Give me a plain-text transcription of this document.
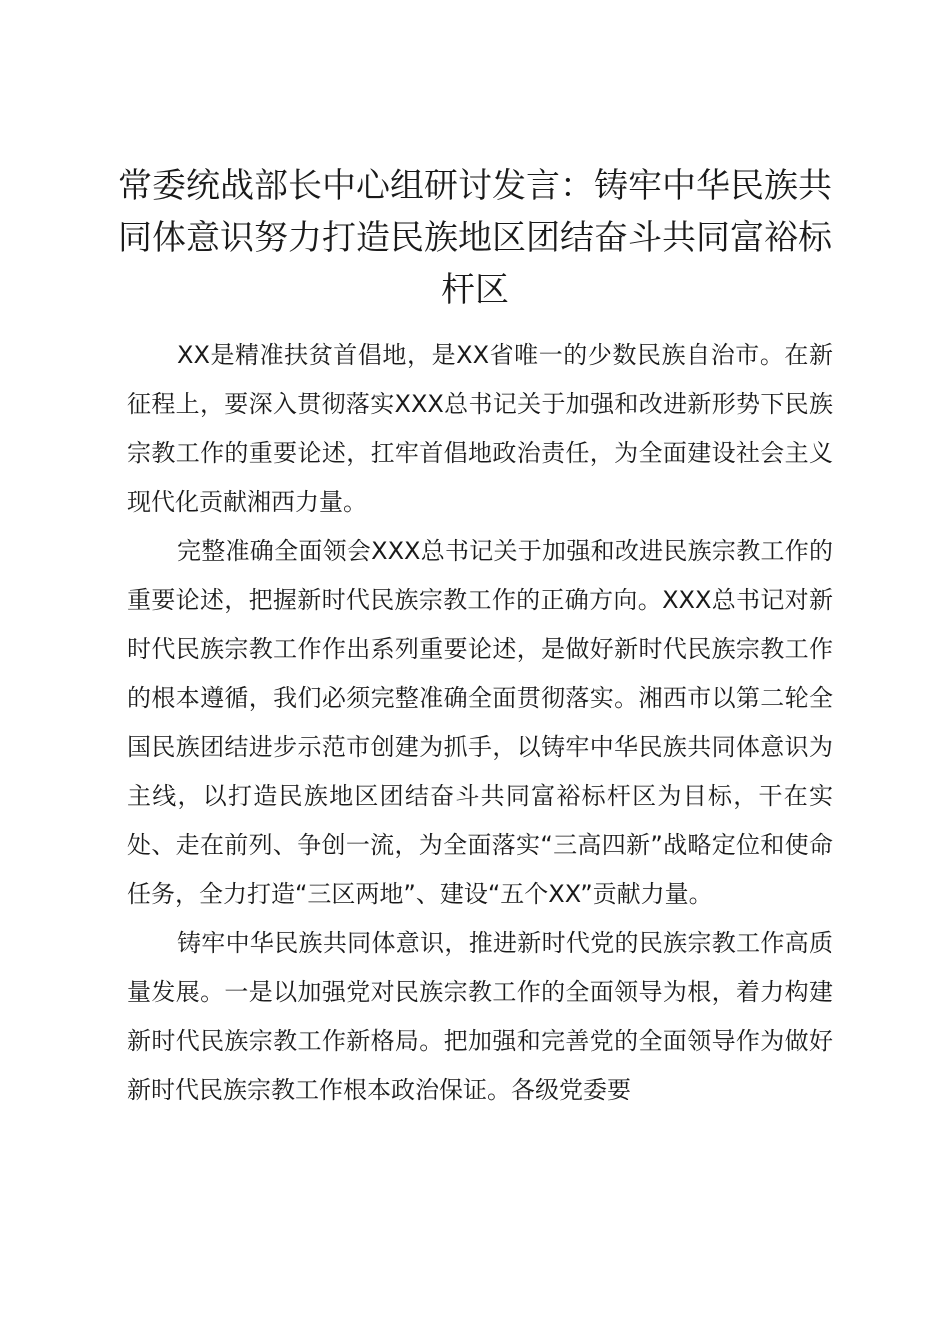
常委统战部长中心组研讨发言：铸牢中华民族共同体意识努力打造民族地区团结奋斗共同富裕标杆区

XX是精准扶贫首倡地，是XX省唯一的少数民族自治市。在新征程上，要深入贯彻落实XXX总书记关于加强和改进新形势下民族宗教工作的重要论述，扛牢首倡地政治责任，为全面建设社会主义现代化贡献湘西力量。

完整准确全面领会XXX总书记关于加强和改进民族宗教工作的重要论述，把握新时代民族宗教工作的正确方向。XXX总书记对新时代民族宗教工作作出系列重要论述，是做好新时代民族宗教工作的根本遵循，我们必须完整准确全面贯彻落实。湘西市以第二轮全国民族团结进步示范市创建为抓手，以铸牢中华民族共同体意识为主线，以打造民族地区团结奋斗共同富裕标杆区为目标，干在实处、走在前列、争创一流，为全面落实“三高四新”战略定位和使命任务，全力打造“三区两地”、建设“五个XX”贡献力量。

铸牢中华民族共同体意识，推进新时代党的民族宗教工作高质量发展。一是以加强党对民族宗教工作的全面领导为根，着力构建新时代民族宗教工作新格局。把加强和完善党的全面领导作为做好新时代民族宗教工作根本政治保证。各级党委要
